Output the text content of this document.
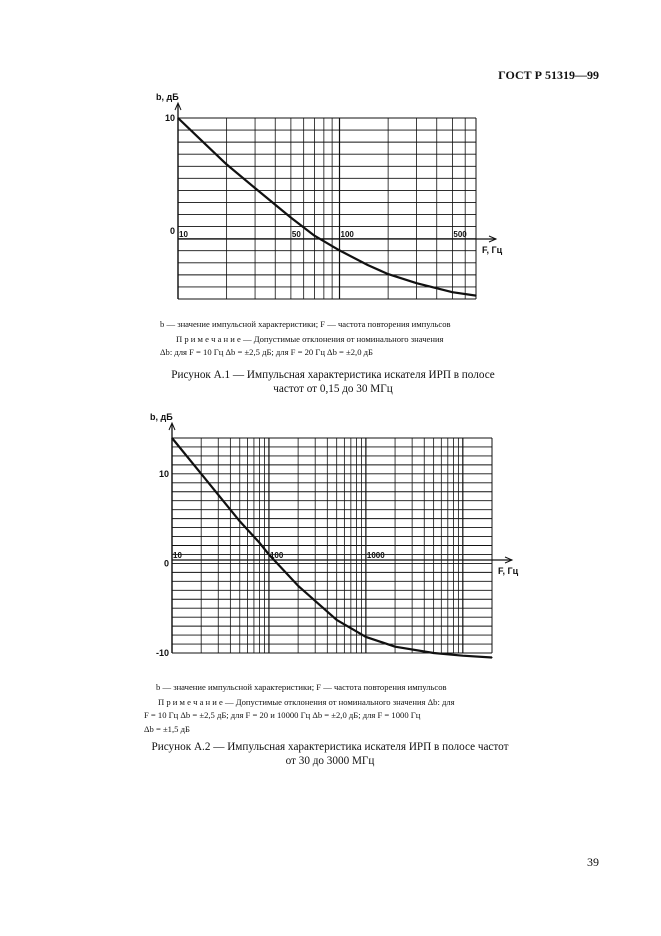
ГОСТ Р 51319—99
b, дБ
F, Гц
10
0 10	50	100	500
b — значение импульсной характеристики; F — частота повторения импульсов
П р и м е ч а н и е — Допустимые отклонения от номинального значения
Δb: для F = 10 Гц Δb = ±2,5 дБ; для F = 20 Гц Δb = ±2,0 дБ
Рисунок А.1 — Импульсная характеристика искателя ИРП в полосе
частот от 0,15 до 30 МГц
b, дБ
F, Гц
10
0
-10
10	100	1000
b — значение импульсной характеристики; F — частота повторения импульсов
П р и м е ч а н и е — Допустимые отклонения от номинального значения Δb: для
F = 10 Гц Δb = ±2,5 дБ; для F = 20 и 10000 Гц Δb = ±2,0 дБ; для F = 1000 Гц
Δb = ±1,5 дБ
Рисунок А.2 — Импульсная характеристика искателя ИРП в полосе частот
от 30 до 3000 МГц
39
